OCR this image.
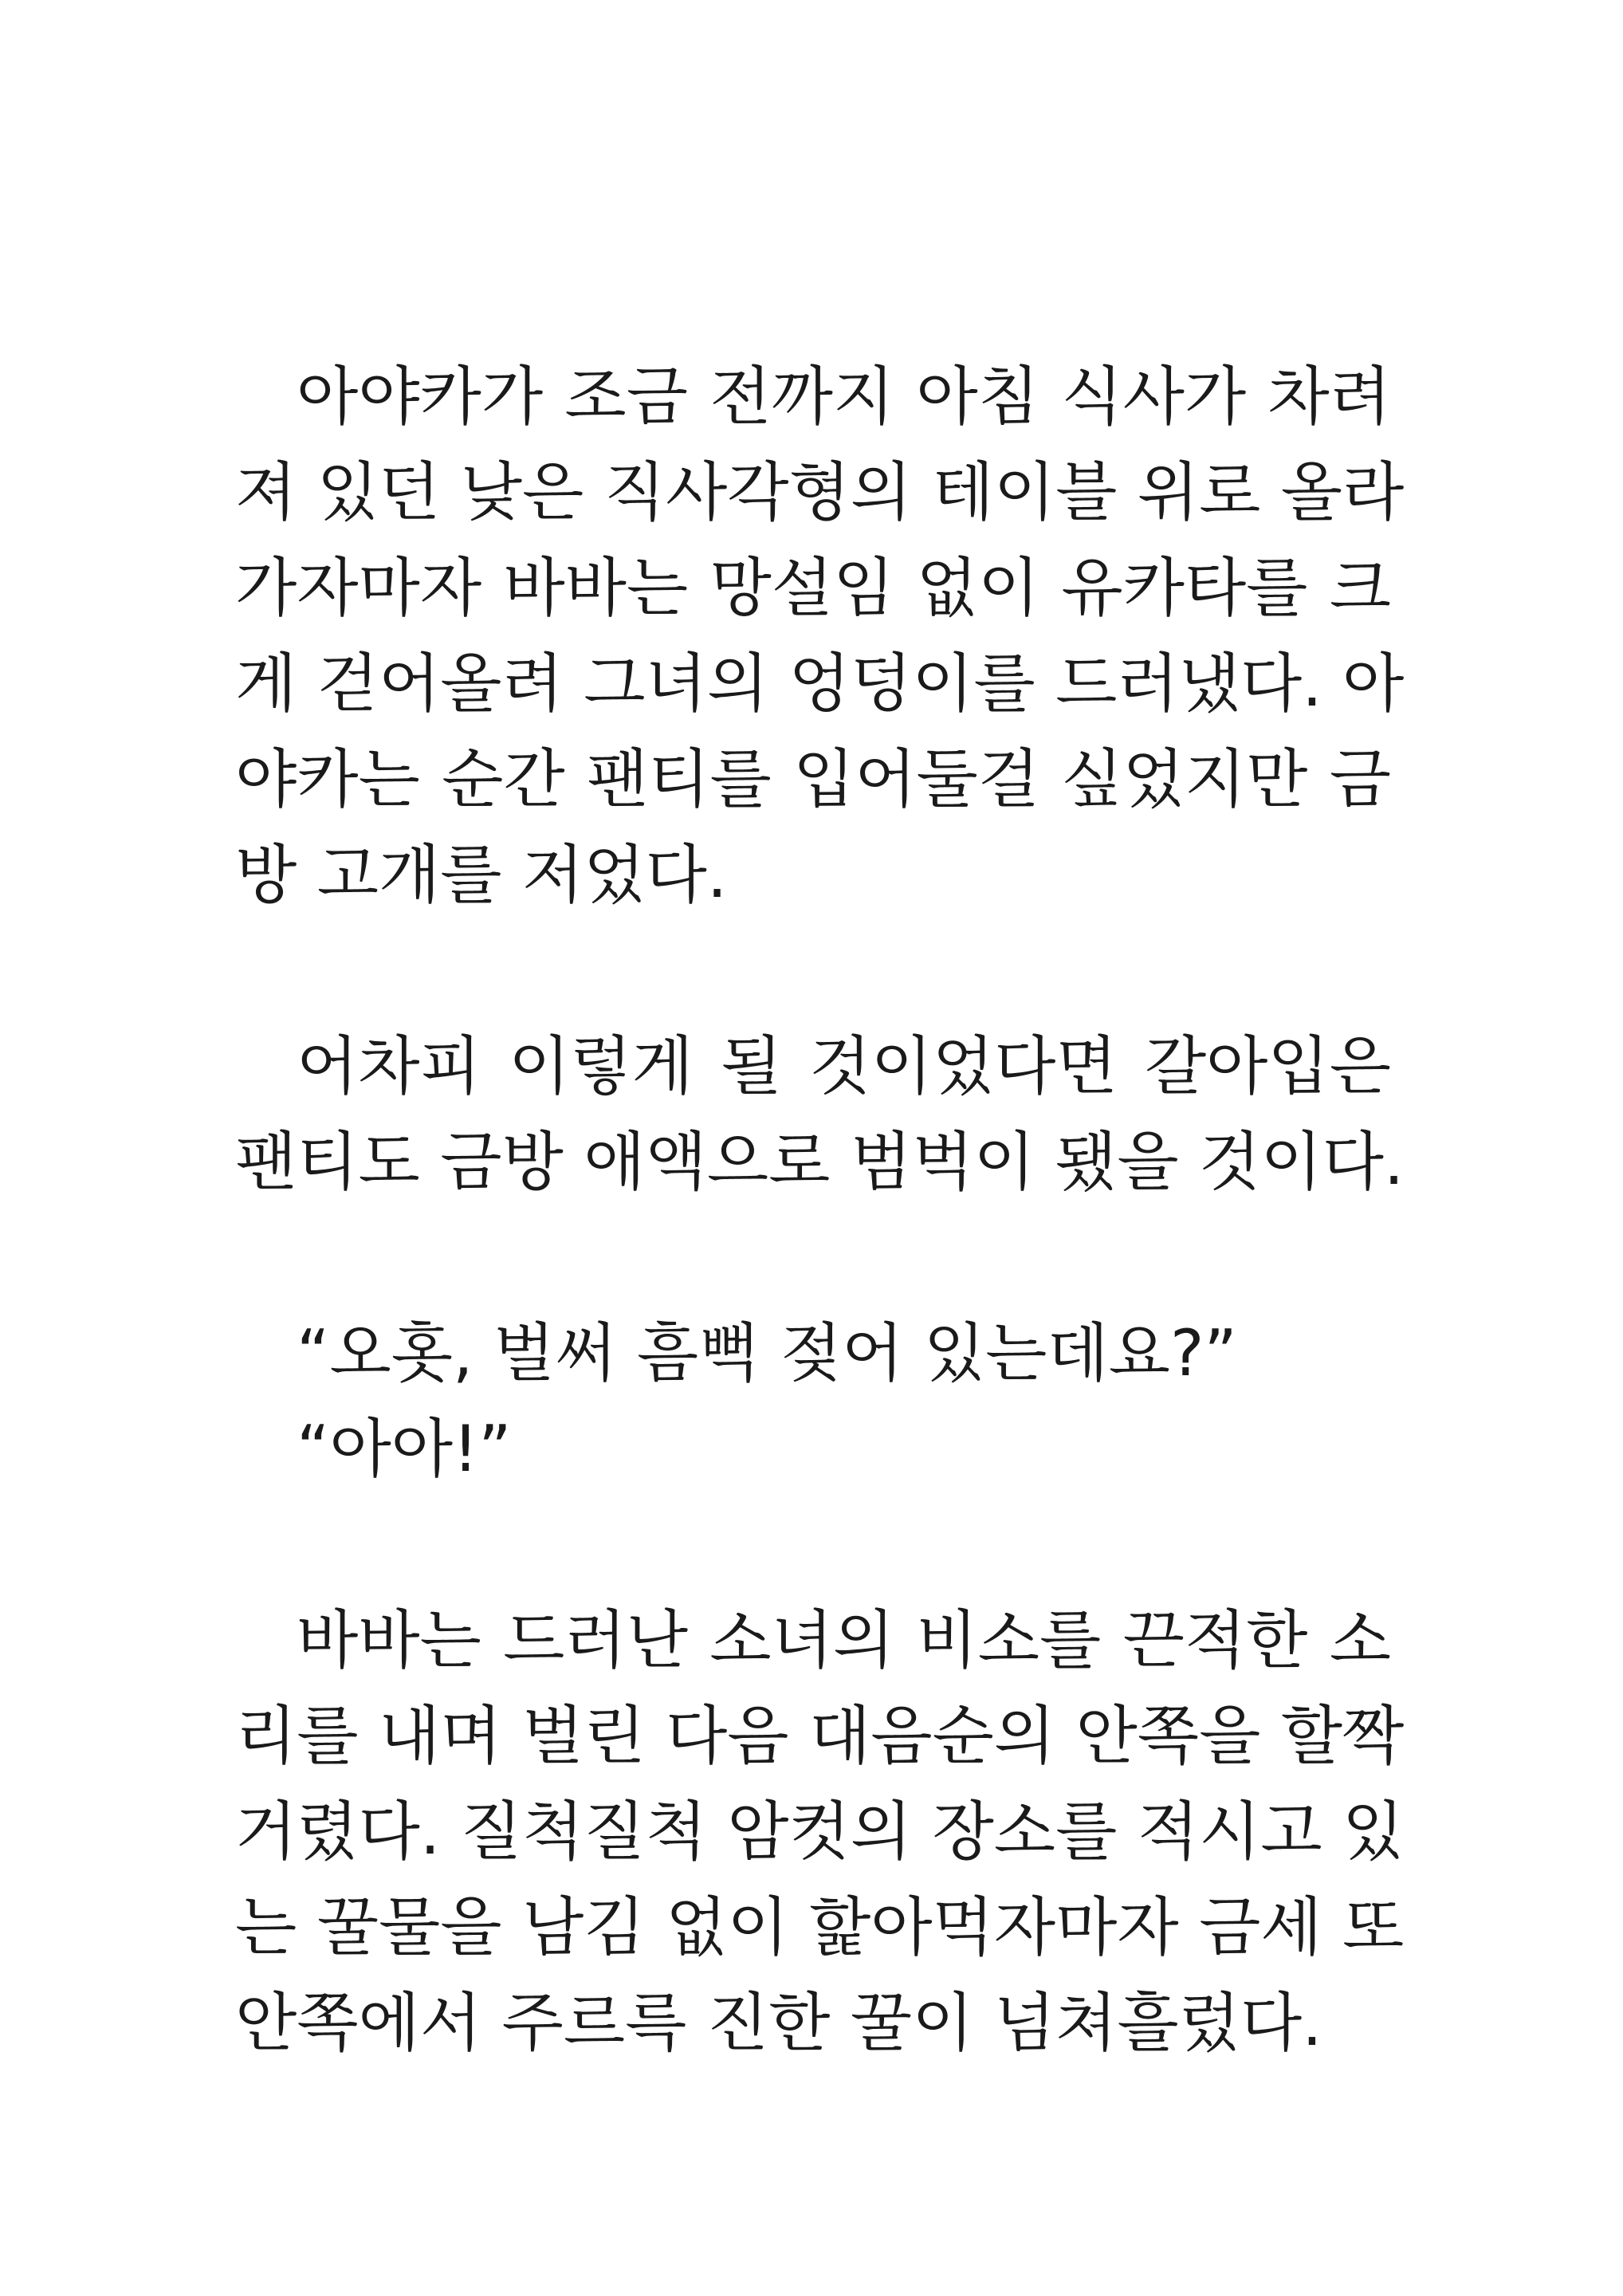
아야카가 조금 전까지 아침 식사가 차려
져 있던 낮은 직사각형의 테이블 위로 올라
가자마자 바바는 망설임 없이 유카타를 크
게 걷어올려 그녀의 엉덩이를 드러냈다. 아
야카는 순간 팬티를 입어둘걸 싶었지만 금
방 고개를 저었다.
어차피 이렇게 될 것이었다면 갈아입은
팬티도 금방 애액으로 범벅이 됐을 것이다.
“오홋, 벌써 흠뻑 젖어 있는데요?”
“아아!”
바바는 드러난 소녀의 비소를 끈적한 소
리를 내며 벌린 다음 대음순의 안쪽을 할짝
거렸다. 질척질척 암컷의 장소를 적시고 있
는 꿀물을 남김 없이 핥아먹자마자 금세 또
안쪽에서 주르륵 진한 꿀이 넘쳐흘렀다.
